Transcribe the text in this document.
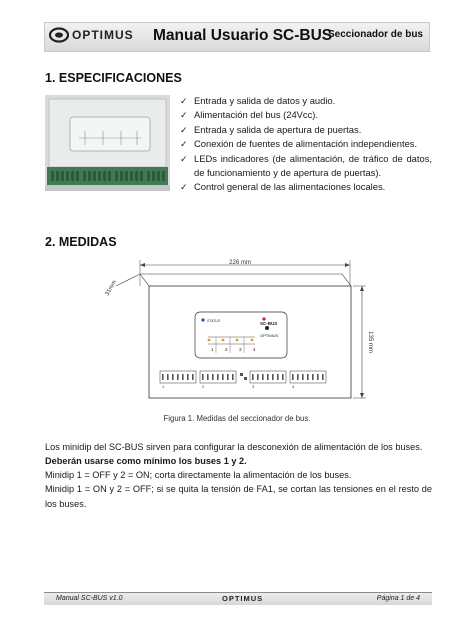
OPTIMUS Manual Usuario SC-BUS
Seccionador de bus
1. ESPECIFICACIONES
✓ Entrada y salida de datos y audio.
✓ Alimentación del bus (24Vcc).
✓ Entrada y salida de apertura de puertas.
✓ Conexión de fuentes de alimentación independientes.
✓ LEDs indicadores (de alimentación, de tráfico de datos, de funcionamiento y de apertura de puertas).
✓ Control general de las alimentaciones locales.
2. MEDIDAS
226 mm
31mm
135 mm
STATUS	SC-BUS
OPTIMUS
1	2	3	4
1	2	3	4
Figura 1. Medidas del seccionador de bus.

Los minidip del SC-BUS sirven para configurar la desconexión de alimentación de los buses.

Deberán usarse como mínimo los buses 1 y 2.

Minidip 1 = OFF y 2 = ON; corta directamente la alimentación de los buses.

Minidip 1 = ON y 2 = OFF; si se quita la tensión de FA1, se cortan las tensiones en el resto de los buses.

Manual SC-BUS v1.0	OPTIMUS	Página 1 de 4
